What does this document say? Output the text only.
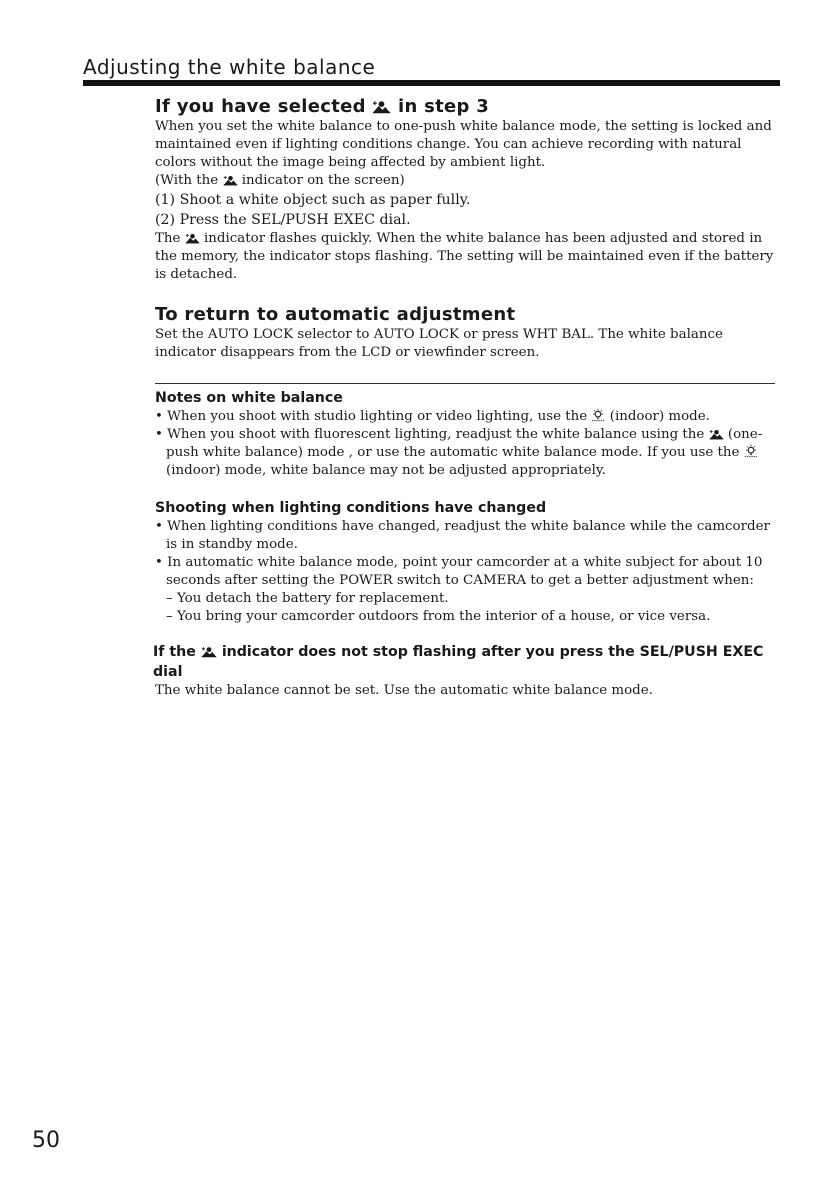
Adjusting the white balance
If you have selected in step 3

When you set the white balance to one-push white balance mode, the setting is locked and maintained even if lighting conditions change. You can achieve recording with natural colors without the image being affected by ambient light.

(With the indicator on the screen)

(1) Shoot a white object such as paper fully.

(2) Press the SEL/PUSH EXEC dial.

The indicator flashes quickly. When the white balance has been adjusted and stored in the memory, the indicator stops flashing. The setting will be maintained even if the battery is detached.

To return to automatic adjustment

Set the AUTO LOCK selector to AUTO LOCK or press WHT BAL. The white balance indicator disappears from the LCD or viewfinder screen.

Notes on white balance

• When you shoot with studio lighting or video lighting, use the (indoor) mode.

• When you shoot with fluorescent lighting, readjust the white balance using the (one-push white balance) mode , or use the automatic white balance mode. If you use the  (indoor) mode, white balance may not be adjusted appropriately.

Shooting when lighting conditions have changed

• When lighting conditions have changed, readjust the white balance while the camcorder is in standby mode.

• In automatic white balance mode, point your camcorder at a white subject for about 10 seconds after setting the POWER switch to CAMERA to get a better adjustment when:

– You detach the battery for replacement.

– You bring your camcorder outdoors from the interior of a house, or vice versa.

If the indicator does not stop flashing after you press the SEL/PUSH EXEC dial

The white balance cannot be set. Use the automatic white balance mode.

50
